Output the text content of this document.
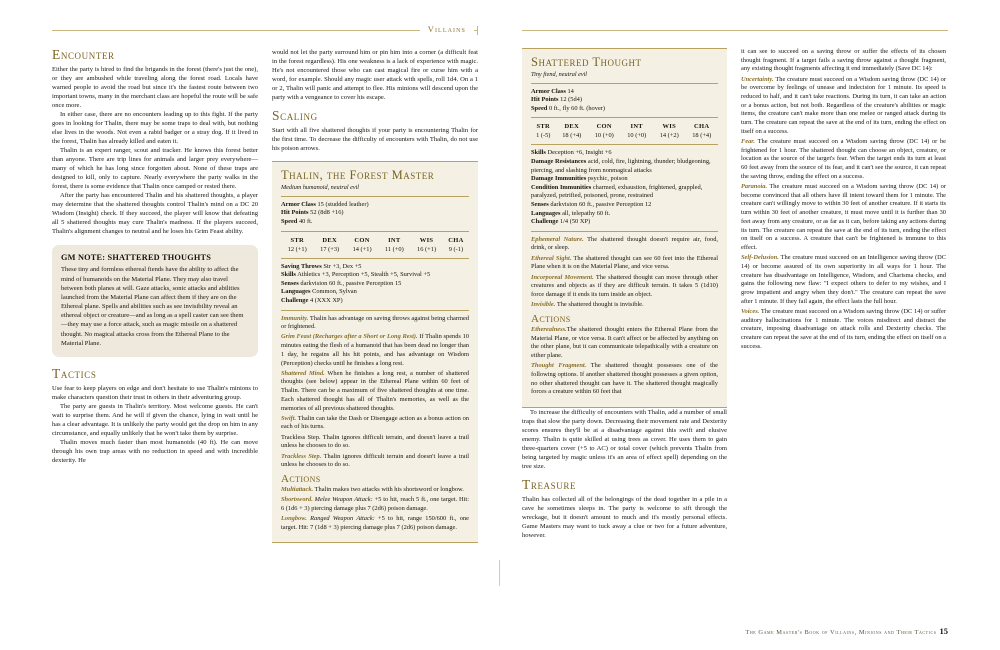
Villains
Encounter

Either the party is hired to find the brigands in the forest (there's just the one), or they are ambushed while traveling along the forest road. Locals have warned people to avoid the road but since it's the fastest route between two important towns, many in the merchant class are hopeful the route will be safe once more.

In either case, there are no encounters leading up to this fight. If the party goes in looking for Thalin, there may be some traps to deal with, but nothing else lives in the woods. Not even a rabid badger or a stray dog. If it lived in the forest, Thalin has already killed and eaten it.

Thalin is an expert ranger, scout and tracker. He knows this forest better than anyone. There are trip lines for animals and larger prey everywhere—many of which he has long since forgotten about. None of these traps are designed to kill, only to capture. Nearly everywhere the party walks in the forest, there is some evidence that Thalin once camped or rested there.

After the party has encountered Thalin and his shattered thoughts, a player may determine that the shattered thoughts control Thalin's mind on a DC 20 Wisdom (Insight) check. If they succeed, the player will know that defeating all 5 shattered thoughts may cure Thalin's madness. If the players succeed, Thalin's alignment changes to neutral and he loses his Grim Feast ability.

GM NOTE: SHATTERED THOUGHTS

These tiny and formless ethereal fiends have the ability to affect the mind of humanoids on the Material Plane. They may also travel between both planes at will. Gaze attacks, sonic attacks and abilities launched from the Material Plane can affect them if they are on the Ethereal plane. Spells and abilities such as see invisibility reveal an ethereal object or creature—and as long as a spell caster can see them—they may use a force attack, such as magic missile on a shattered thought. No magical attacks cross from the Ethereal Plane to the Material Plane.

Tactics

Use fear to keep players on edge and don't hesitate to use Thalin's minions to make characters question their trust in others in their adventuring group.

The party are guests in Thalin's territory. Most welcome guests. He can't wait to surprise them. And he will if given the chance, lying in wait until he has a clear advantage. It is unlikely the party would get the drop on him in any circumstance, and equally unlikely that he won't take them by surprise.

Thalin moves much faster than most humanoids (40 ft). He can move through his own trap areas with no reduction in speed and with incredible dexterity. He

would not let the party surround him or pin him into a corner (a difficult feat in the forest regardless). His one weakness is a lack of experience with magic. He's not encountered those who can cast magical fire or curse him with a word, for example. Should any magic user attack with spells, roll 1d4. On a 1 or 2, Thalin will panic and attempt to flee. His minions will descend upon the party with a vengeance to cover his escape.

Scaling

Start with all five shattered thoughts if your party is encountering Thalin for the first time. To decrease the difficulty of encounters with Thalin, do not use his poison arrows.

Thalin, the Forest Master
Medium humanoid, neutral evil

Armor Class 15 (studded leather)

Hit Points 52 (8d8 +16)

Speed 40 ft.

STR	DEX	CON	INT	WIS	CHA
12 (+1)	17 (+3)	14 (+1)	11 (+0)	16 (+1)	9 (-1)

Saving Throws Str +3, Dex +5

Skills Athletics +3, Perception +5, Stealth +5, Survival +5

Senses darkvision 60 ft., passive Perception 15

Languages Common, Sylvan

Challenge 4 (XXX XP)

Immunity. Thalin has advantage on saving throws against being charmed or frightened.

Grim Feast (Recharges after a Short or Long Rest). If Thalin spends 10 minutes eating the flesh of a humanoid that has been dead no longer than 1 day, he regains all his hit points, and has advantage on Wisdom (Perception) checks until he finishes a long rest.

Shattered Mind. When he finishes a long rest, a number of shattered thoughts (see below) appear in the Ethereal Plane within 60 feet of Thalin. There can be a maximum of five shattered thoughts at one time. Each shattered thought has all of Thalin's memories, as well as the memories of all previous shattered thoughts.

Swift. Thalin can take the Dash or Disengage action as a bonus action on each of his turns.

Trackless Step. Thalin ignores difficult terrain, and doesn't leave a trail unless he chooses to do so.

Trackless Step. Thalin ignores difficult terrain and doesn't leave a trail unless he chooses to do so.

Actions

Multiattack. Thalin makes two attacks with his shortsword or longbow.

Shortsword. Melee Weapon Attack: +5 to hit, reach 5 ft., one target. Hit: 6 (1d6 + 3) piercing damage plus 7 (2d6) poison damage.

Longbow. Ranged Weapon Attack: +5 to hit, range 150/600 ft., one target. Hit: 7 (1d8 + 3) piercing damage plus 7 (2d6) poison damage.

Shattered Thought
Tiny fiend, neutral evil

Armor Class 14

Hit Points 12 (5d4)

Speed 0 ft., fly 60 ft. (hover)

STR	DEX	CON	INT	WIS	CHA
1 (-5)	18 (+4)	10 (+0)	10 (+0)	14 (+2)	18 (+4)

Skills Deception +6, Insight +6

Damage Resistances acid, cold, fire, lightning, thunder; bludgeoning, piercing, and slashing from nonmagical attacks

Damage Immunities psychic, poison

Condition Immunities charmed, exhaustion, frightened, grappled, paralyzed, petrified, poisoned, prone, restrained

Senses darkvision 60 ft., passive Perception 12

Languages all, telepathy 60 ft.

Challenge 1/4 (50 XP)

Ephemeral Nature. The shattered thought doesn't require air, food, drink, or sleep.

Ethereal Sight. The shattered thought can see 60 feet into the Ethereal Plane when it is on the Material Plane, and vice versa.

Incorporeal Movement. The shattered thought can move through other creatures and objects as if they are difficult terrain. It takes 5 (1d10) force damage if it ends its turn inside an object.

Invisible. The shattered thought is invisible.

Actions

Etherealness.The shattered thought enters the Ethereal Plane from the Material Plane, or vice versa. It can't affect or be affected by anything on the other plane, but it can communicate telepathically with a creature on either plane.

Thought Fragment. The shattered thought possesses one of the following options. If another shattered thought possesses a given option, no other shattered thought can have it. The shattered thought magically forces a creature within 60 feet that

To increase the difficulty of encounters with Thalin, add a number of small traps that slow the party down. Decreasing their movement rate and Dexterity scores ensures they'll be at a disadvantage against this swift and elusive enemy. Thalin is quite skilled at using trees as cover. He uses them to gain three-quarters cover (+5 to AC) or total cover (which prevents Thalin from being targeted by magic unless it's an area of effect spell) depending on the tree size.

Treasure

Thalin has collected all of the belongings of the dead together in a pile in a cave he sometimes sleeps in. The party is welcome to sift through the wreckage, but it doesn't amount to much and it's mostly personal effects. Game Masters may want to tuck away a clue or two for a future adventure, however.

it can see to succeed on a saving throw or suffer the effects of its chosen thought fragment. If a target fails a saving throw against a thought fragment, any existing thought fragments affecting it end immediately (Save DC 14):

Uncertainty. The creature must succeed on a Wisdom saving throw (DC 14) or be overcome by feelings of unease and indecision for 1 minute. Its speed is reduced to half, and it can't take reactions. During its turn, it can take an action or a bonus action, but not both. Regardless of the creature's abilities or magic items, the creature can't make more than one melee or ranged attack during its turn. The creature can repeat the save at the end of its turn, ending the effect on itself on a success.

Fear. The creature must succeed on a Wisdom saving throw (DC 14) or be frightened for 1 hour. The shattered thought can choose an object, creature, or location as the source of the target's fear. When the target ends its turn at least 60 feet away from the source of its fear, and it can't see the source, it can repeat the saving throw, ending the effect on a success.

Paranoia. The creature must succeed on a Wisdom saving throw (DC 14) or become convinced that all others have ill intent toward them for 1 minute. The creature can't willingly move to within 30 feet of another creature. If it starts its turn within 30 feet of another creature, it must move until it is further than 30 feet away from any creature, or as far as it can, before taking any actions during its turn. The creature can repeat the save at the end of its turn, ending the effect on itself on a success. A creature that can't be frightened is immune to this effect.

Self-Delusion. The creature must succeed on an Intelligence saving throw (DC 14) or become assured of its own superiority in all ways for 1 hour. The creature has disadvantage on Intelligence, Wisdom, and Charisma checks, and gains the following new flaw: "I expect others to defer to my wishes, and I grow impatient and angry when they don't." The creature can repeat the save after 1 minute. If they fail again, the effect lasts the full hour.

Voices. The creature must succeed on a Wisdom saving throw (DC 14) or suffer auditory hallucinations for 1 minute. The voices misdirect and distract the creature, imposing disadvantage on attack rolls and Dexterity checks. The creature can repeat the save at the end of its turn, ending the effect on itself on a success.

The Game Master's Book of Villains, Minions and Their Tactics 15
